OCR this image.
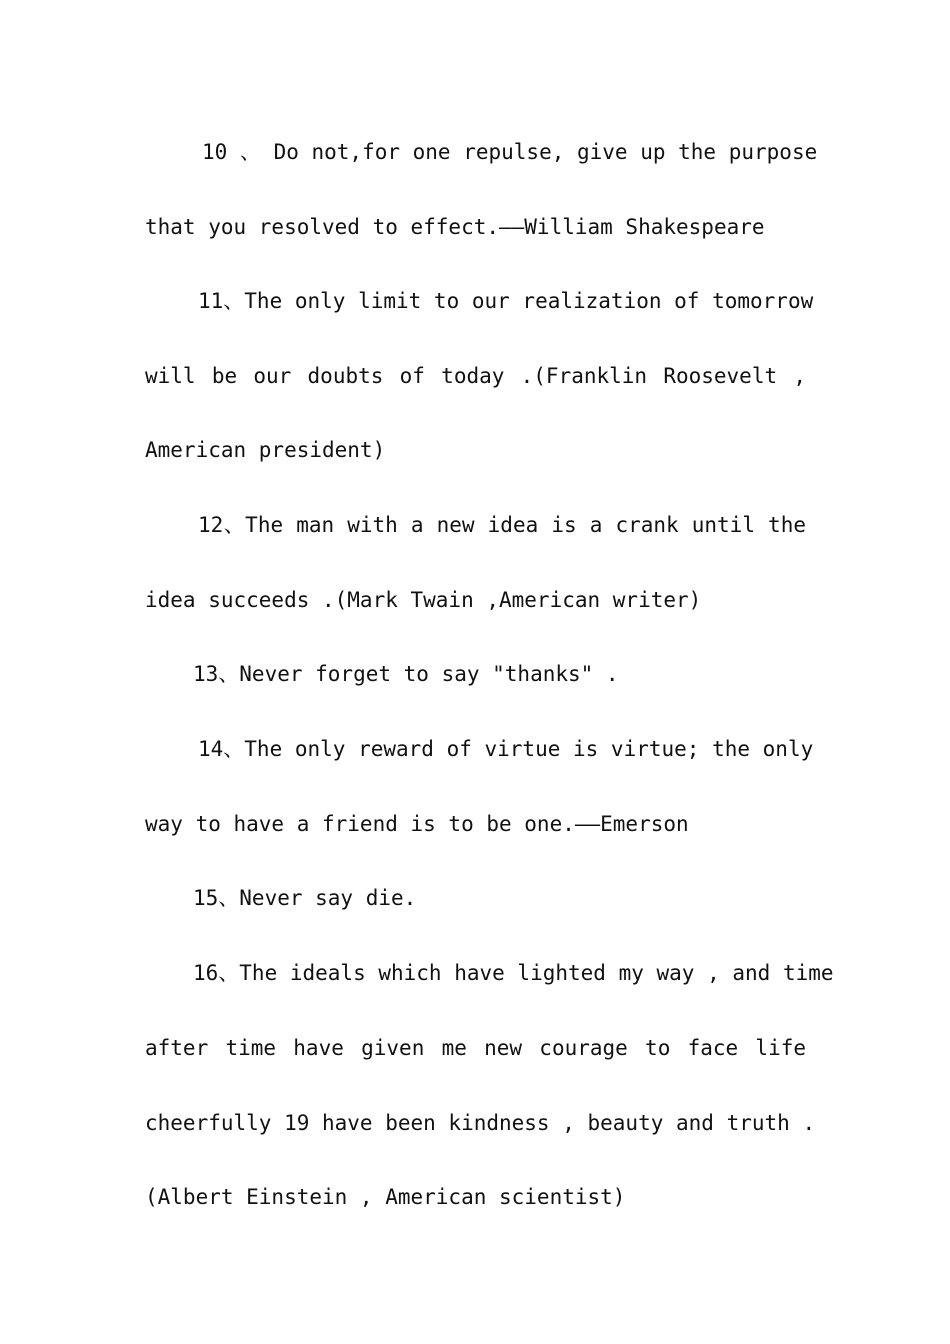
10 、 Do not,for one repulse, give up the purpose
that you resolved to effect.——William Shakespeare
11、The only limit to our realization of tomorrow
will be our doubts of today .(Franklin Roosevelt ,
American president)
12、The man with a new idea is a crank until the
idea succeeds .(Mark Twain ,American writer)
13、Never forget to say "thanks" .
14、The only reward of virtue is virtue; the only
way to have a friend is to be one.——Emerson
15、Never say die.
16、The ideals which have lighted my way , and time
after time have given me new courage to face life
cheerfully 19 have been kindness , beauty and truth .
(Albert Einstein , American scientist)
